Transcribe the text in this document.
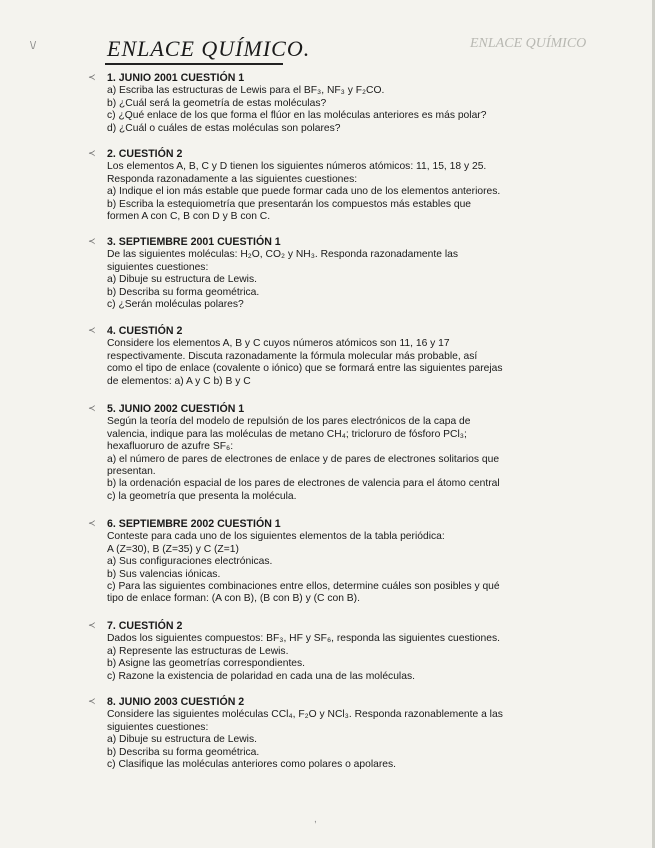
\/	ENLACE QUÍMICO.	ENLACE QUÍMICO
≺ 1. JUNIO 2001 CUESTIÓN 1
a) Escriba las estructuras de Lewis para el BF₃, NF₃ y F₂CO.
b) ¿Cuál será la geometría de estas moléculas?
c) ¿Qué enlace de los que forma el flúor en las moléculas anteriores es más polar?
d) ¿Cuál o cuáles de estas moléculas son polares?
≺ 2. CUESTIÓN 2
Los elementos A, B, C y D tienen los siguientes números atómicos: 11, 15, 18 y 25.
Responda razonadamente a las siguientes cuestiones:
a) Indique el ion más estable que puede formar cada uno de los elementos anteriores.
b) Escriba la estequiometría que presentarán los compuestos más estables que
formen A con C, B con D y B con C.
≺ 3. SEPTIEMBRE 2001 CUESTIÓN 1
De las siguientes moléculas: H₂O, CO₂ y NH₃. Responda razonadamente las
siguientes cuestiones:
a) Dibuje su estructura de Lewis.
b) Describa su forma geométrica.
c) ¿Serán moléculas polares?
≺ 4. CUESTIÓN 2
Considere los elementos A, B y C cuyos números atómicos son 11, 16 y 17
respectivamente. Discuta razonadamente la fórmula molecular más probable, así
como el tipo de enlace (covalente o iónico) que se formará entre las siguientes parejas
de elementos: a) A y C b) B y C
≺ 5. JUNIO 2002 CUESTIÓN 1
Según la teoría del modelo de repulsión de los pares electrónicos de la capa de
valencia, indique para las moléculas de metano CH₄; tricloruro de fósforo PCl₃;
hexafluoruro de azufre SF₆:
a) el número de pares de electrones de enlace y de pares de electrones solitarios que
presentan.
b) la ordenación espacial de los pares de electrones de valencia para el átomo central
c) la geometría que presenta la molécula.
≺ 6. SEPTIEMBRE 2002 CUESTIÓN 1
Conteste para cada uno de los siguientes elementos de la tabla periódica:
A (Z=30), B (Z=35) y C (Z=1)
a) Sus configuraciones electrónicas.
b) Sus valencias iónicas.
c) Para las siguientes combinaciones entre ellos, determine cuáles son posibles y qué
tipo de enlace forman: (A con B), (B con B) y (C con B).
≺ 7. CUESTIÓN 2
Dados los siguientes compuestos: BF₃, HF y SF₆, responda las siguientes cuestiones.
a) Represente las estructuras de Lewis.
b) Asigne las geometrías correspondientes.
c) Razone la existencia de polaridad en cada una de las moléculas.
≺ 8. JUNIO 2003 CUESTIÓN 2
Considere las siguientes moléculas CCl₄, F₂O y NCl₃. Responda razonablemente a las
siguientes cuestiones:
a) Dibuje su estructura de Lewis.
b) Describa su forma geométrica.
c) Clasifique las moléculas anteriores como polares o apolares.
,
